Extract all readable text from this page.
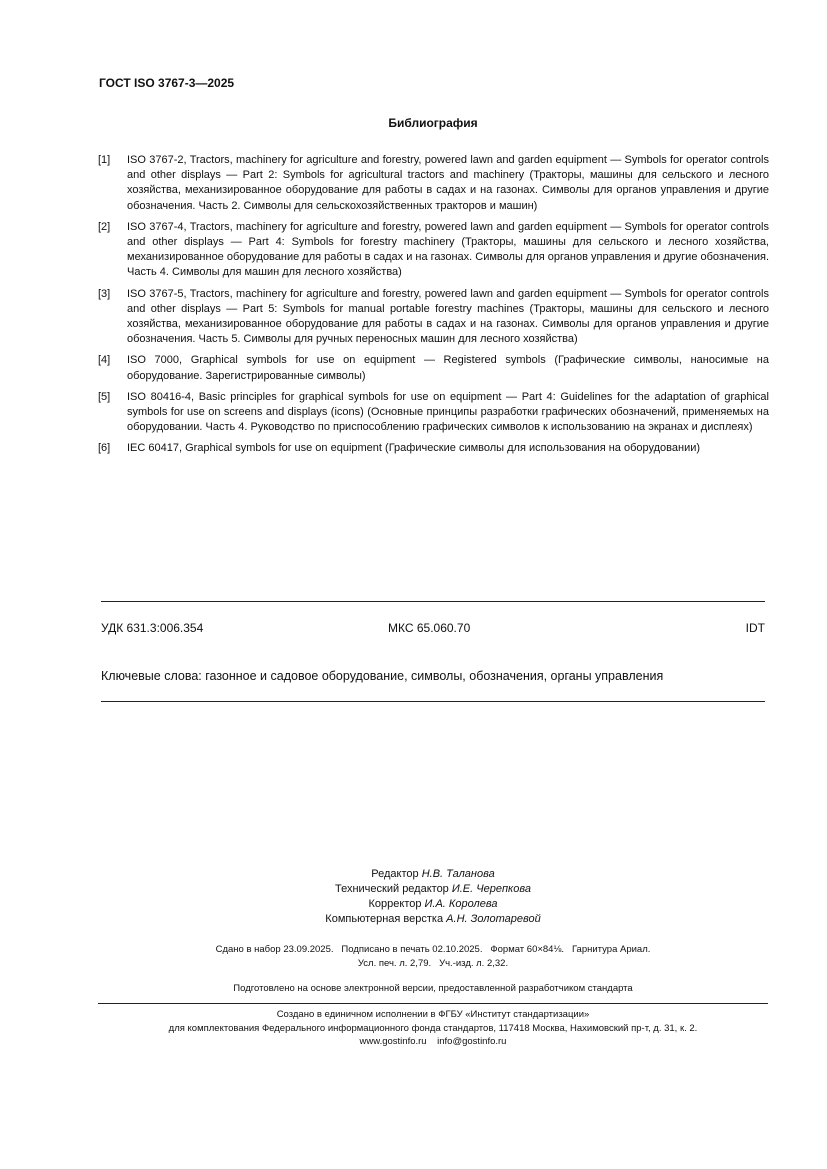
ГОСТ ISO 3767-3—2025
Библиография
[1]	ISO 3767-2, Tractors, machinery for agriculture and forestry, powered lawn and garden equipment — Symbols for operator controls and other displays — Part 2: Symbols for agricultural tractors and machinery (Тракторы, машины для сельского и лесного хозяйства, механизированное оборудование для работы в садах и на газонах. Символы для органов управления и другие обозначения. Часть 2. Символы для сельскохозяйственных тракторов и машин)
[2]	ISO 3767-4, Tractors, machinery for agriculture and forestry, powered lawn and garden equipment — Symbols for operator controls and other displays — Part 4: Symbols for forestry machinery (Тракторы, машины для сельского и лесного хозяйства, механизированное оборудование для работы в садах и на газонах. Символы для органов управления и другие обозначения. Часть 4. Символы для машин для лесного хозяйства)
[3]	ISO 3767-5, Tractors, machinery for agriculture and forestry, powered lawn and garden equipment — Symbols for operator controls and other displays — Part 5: Symbols for manual portable forestry machines (Тракторы, машины для сельского и лесного хозяйства, механизированное оборудование для работы в садах и на газонах. Символы для органов управления и другие обозначения. Часть 5. Символы для ручных переносных машин для лесного хозяйства)
[4]	ISO 7000, Graphical symbols for use on equipment — Registered symbols (Графические символы, наносимые на оборудование. Зарегистрированные символы)
[5]	ISO 80416-4, Basic principles for graphical symbols for use on equipment — Part 4: Guidelines for the adaptation of graphical symbols for use on screens and displays (icons) (Основные принципы разработки графических обозначений, применяемых на оборудовании. Часть 4. Руководство по приспособлению графических символов к использованию на экранах и дисплеях)
[6]	IEC 60417, Graphical symbols for use on equipment (Графические символы для использования на оборудовании)
УДК 631.3:006.354	МКС 65.060.70	IDT
Ключевые слова: газонное и садовое оборудование, символы, обозначения, органы управления
Редактор Н.В. Таланова
Технический редактор И.Е. Черепкова
Корректор И.А. Королева
Компьютерная верстка А.Н. Золотаревой
Сдано в набор 23.09.2025.   Подписано в печать 02.10.2025.   Формат 60×84⅛.   Гарнитура Ариал.
Усл. печ. л. 2,79.   Уч.-изд. л. 2,32.
Подготовлено на основе электронной версии, предоставленной разработчиком стандарта
Создано в единичном исполнении в ФГБУ «Институт стандартизации»
для комплектования Федерального информационного фонда стандартов, 117418 Москва, Нахимовский пр-т, д. 31, к. 2.
www.gostinfo.ru    info@gostinfo.ru
